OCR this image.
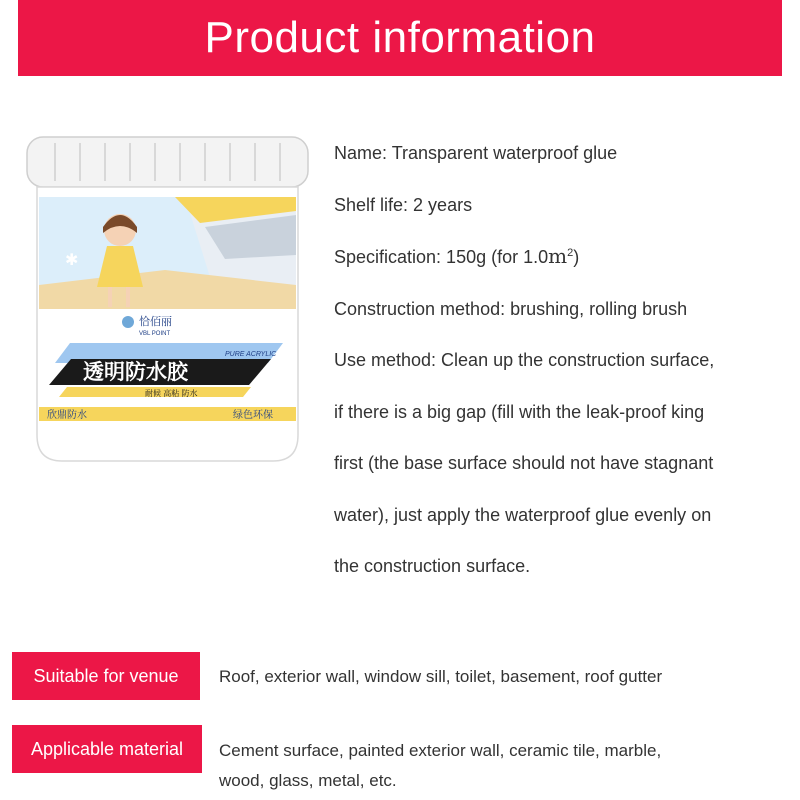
Product information
✱
恰佰丽
VBL POINT
PURE ACRYLIC
透明防水胶
耐候 高粘 防水
欣鼎防水	绿色环保
Name: Transparent waterproof glue
Shelf life: 2 years
Specification: 150g (for $1.0m^2$)
Construction method: brushing, rolling brush
Use method: Clean up the construction surface,
if there is a big gap (fill with the leak-proof king
first (the base surface should not have stagnant
water), just apply the waterproof glue evenly on
the construction surface.
Suitable for venue Roof, exterior wall, window sill, toilet, basement, roof gutter
Applicable material Cement surface, painted exterior wall, ceramic tile, marble,
wood, glass, metal, etc.
